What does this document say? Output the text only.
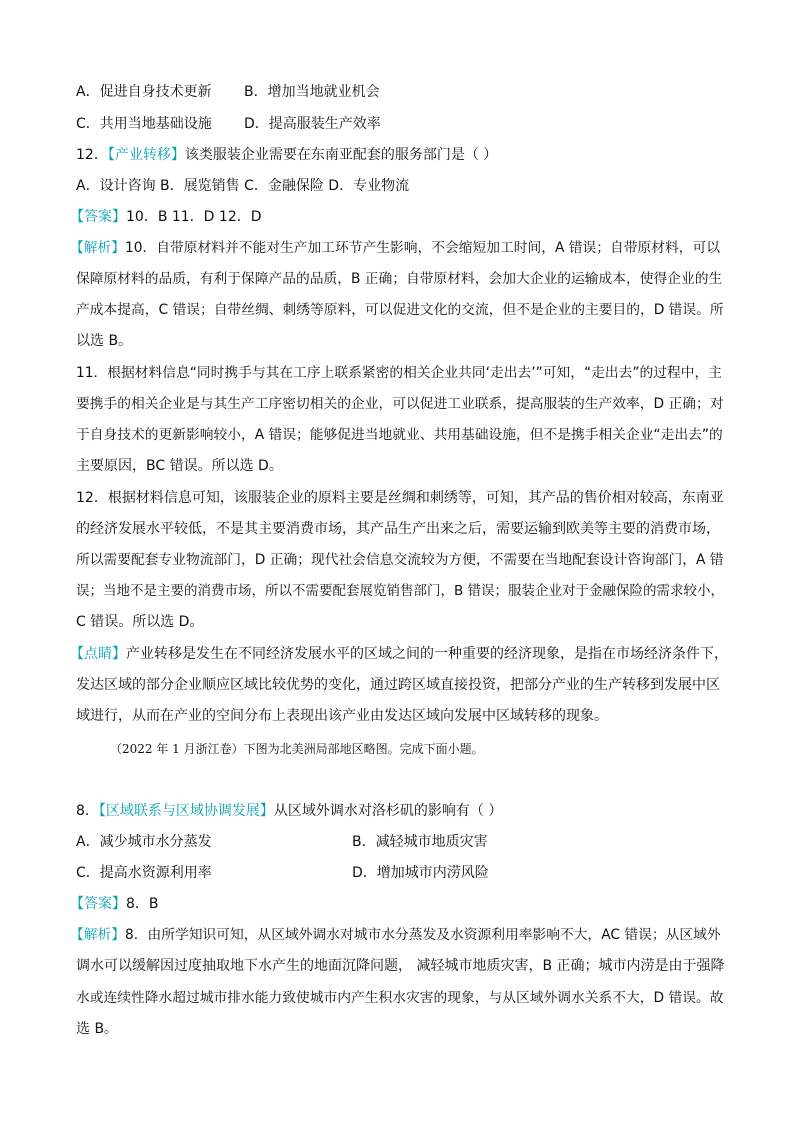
A．促进自身技术更新 B．增加当地就业机会
C．共用当地基础设施 D．提高服装生产效率
12．【产业转移】该类服装企业需要在东南亚配套的服务部门是（ ）
A．设计咨询 B．展览销售 C．金融保险 D．专业物流
【答案】10．B 11．D 12．D
【解析】10．自带原材料并不能对生产加工环节产生影响，不会缩短加工时间，A 错误；自带原材料，可以
保障原材料的品质，有利于保障产品的品质，B 正确；自带原材料，会加大企业的运输成本，使得企业的生
产成本提高，C 错误；自带丝绸、刺绣等原料，可以促进文化的交流，但不是企业的主要目的，D 错误。所
以选 B。
11．根据材料信息“同时携手与其在工序上联系紧密的相关企业共同‘走出去’”可知，“走出去”的过程中，主
要携手的相关企业是与其生产工序密切相关的企业，可以促进工业联系，提高服装的生产效率，D 正确；对
于自身技术的更新影响较小，A 错误；能够促进当地就业、共用基础设施，但不是携手相关企业“走出去”的
主要原因，BC 错误。所以选 D。
12．根据材料信息可知，该服装企业的原料主要是丝绸和刺绣等，可知，其产品的售价相对较高，东南亚
的经济发展水平较低，不是其主要消费市场，其产品生产出来之后，需要运输到欧美等主要的消费市场，
所以需要配套专业物流部门，D 正确；现代社会信息交流较为方便，不需要在当地配套设计咨询部门，A 错
误；当地不是主要的消费市场，所以不需要配套展览销售部门，B 错误；服装企业对于金融保险的需求较小，
C 错误。所以选 D。
【点睛】产业转移是发生在不同经济发展水平的区域之间的一种重要的经济现象，是指在市场经济条件下，
发达区域的部分企业顺应区域比较优势的变化，通过跨区域直接投资，把部分产业的生产转移到发展中区
域进行，从而在产业的空间分布上表现出该产业由发达区域向发展中区域转移的现象。
（2022 年 1 月浙江卷）下图为北美洲局部地区略图。完成下面小题。
8．【区域联系与区域协调发展】从区域外调水对洛杉矶的影响有（ ）
A．减少城市水分蒸发	B．减轻城市地质灾害
C．提高水资源利用率	D．增加城市内涝风险
【答案】8．B
【解析】8．由所学知识可知，从区域外调水对城市水分蒸发及水资源利用率影响不大，AC 错误；从区域外
调水可以缓解因过度抽取地下水产生的地面沉降问题， 减轻城市地质灾害，B 正确；城市内涝是由于强降
水或连续性降水超过城市排水能力致使城市内产生积水灾害的现象，与从区域外调水关系不大，D 错误。故
选 B。
